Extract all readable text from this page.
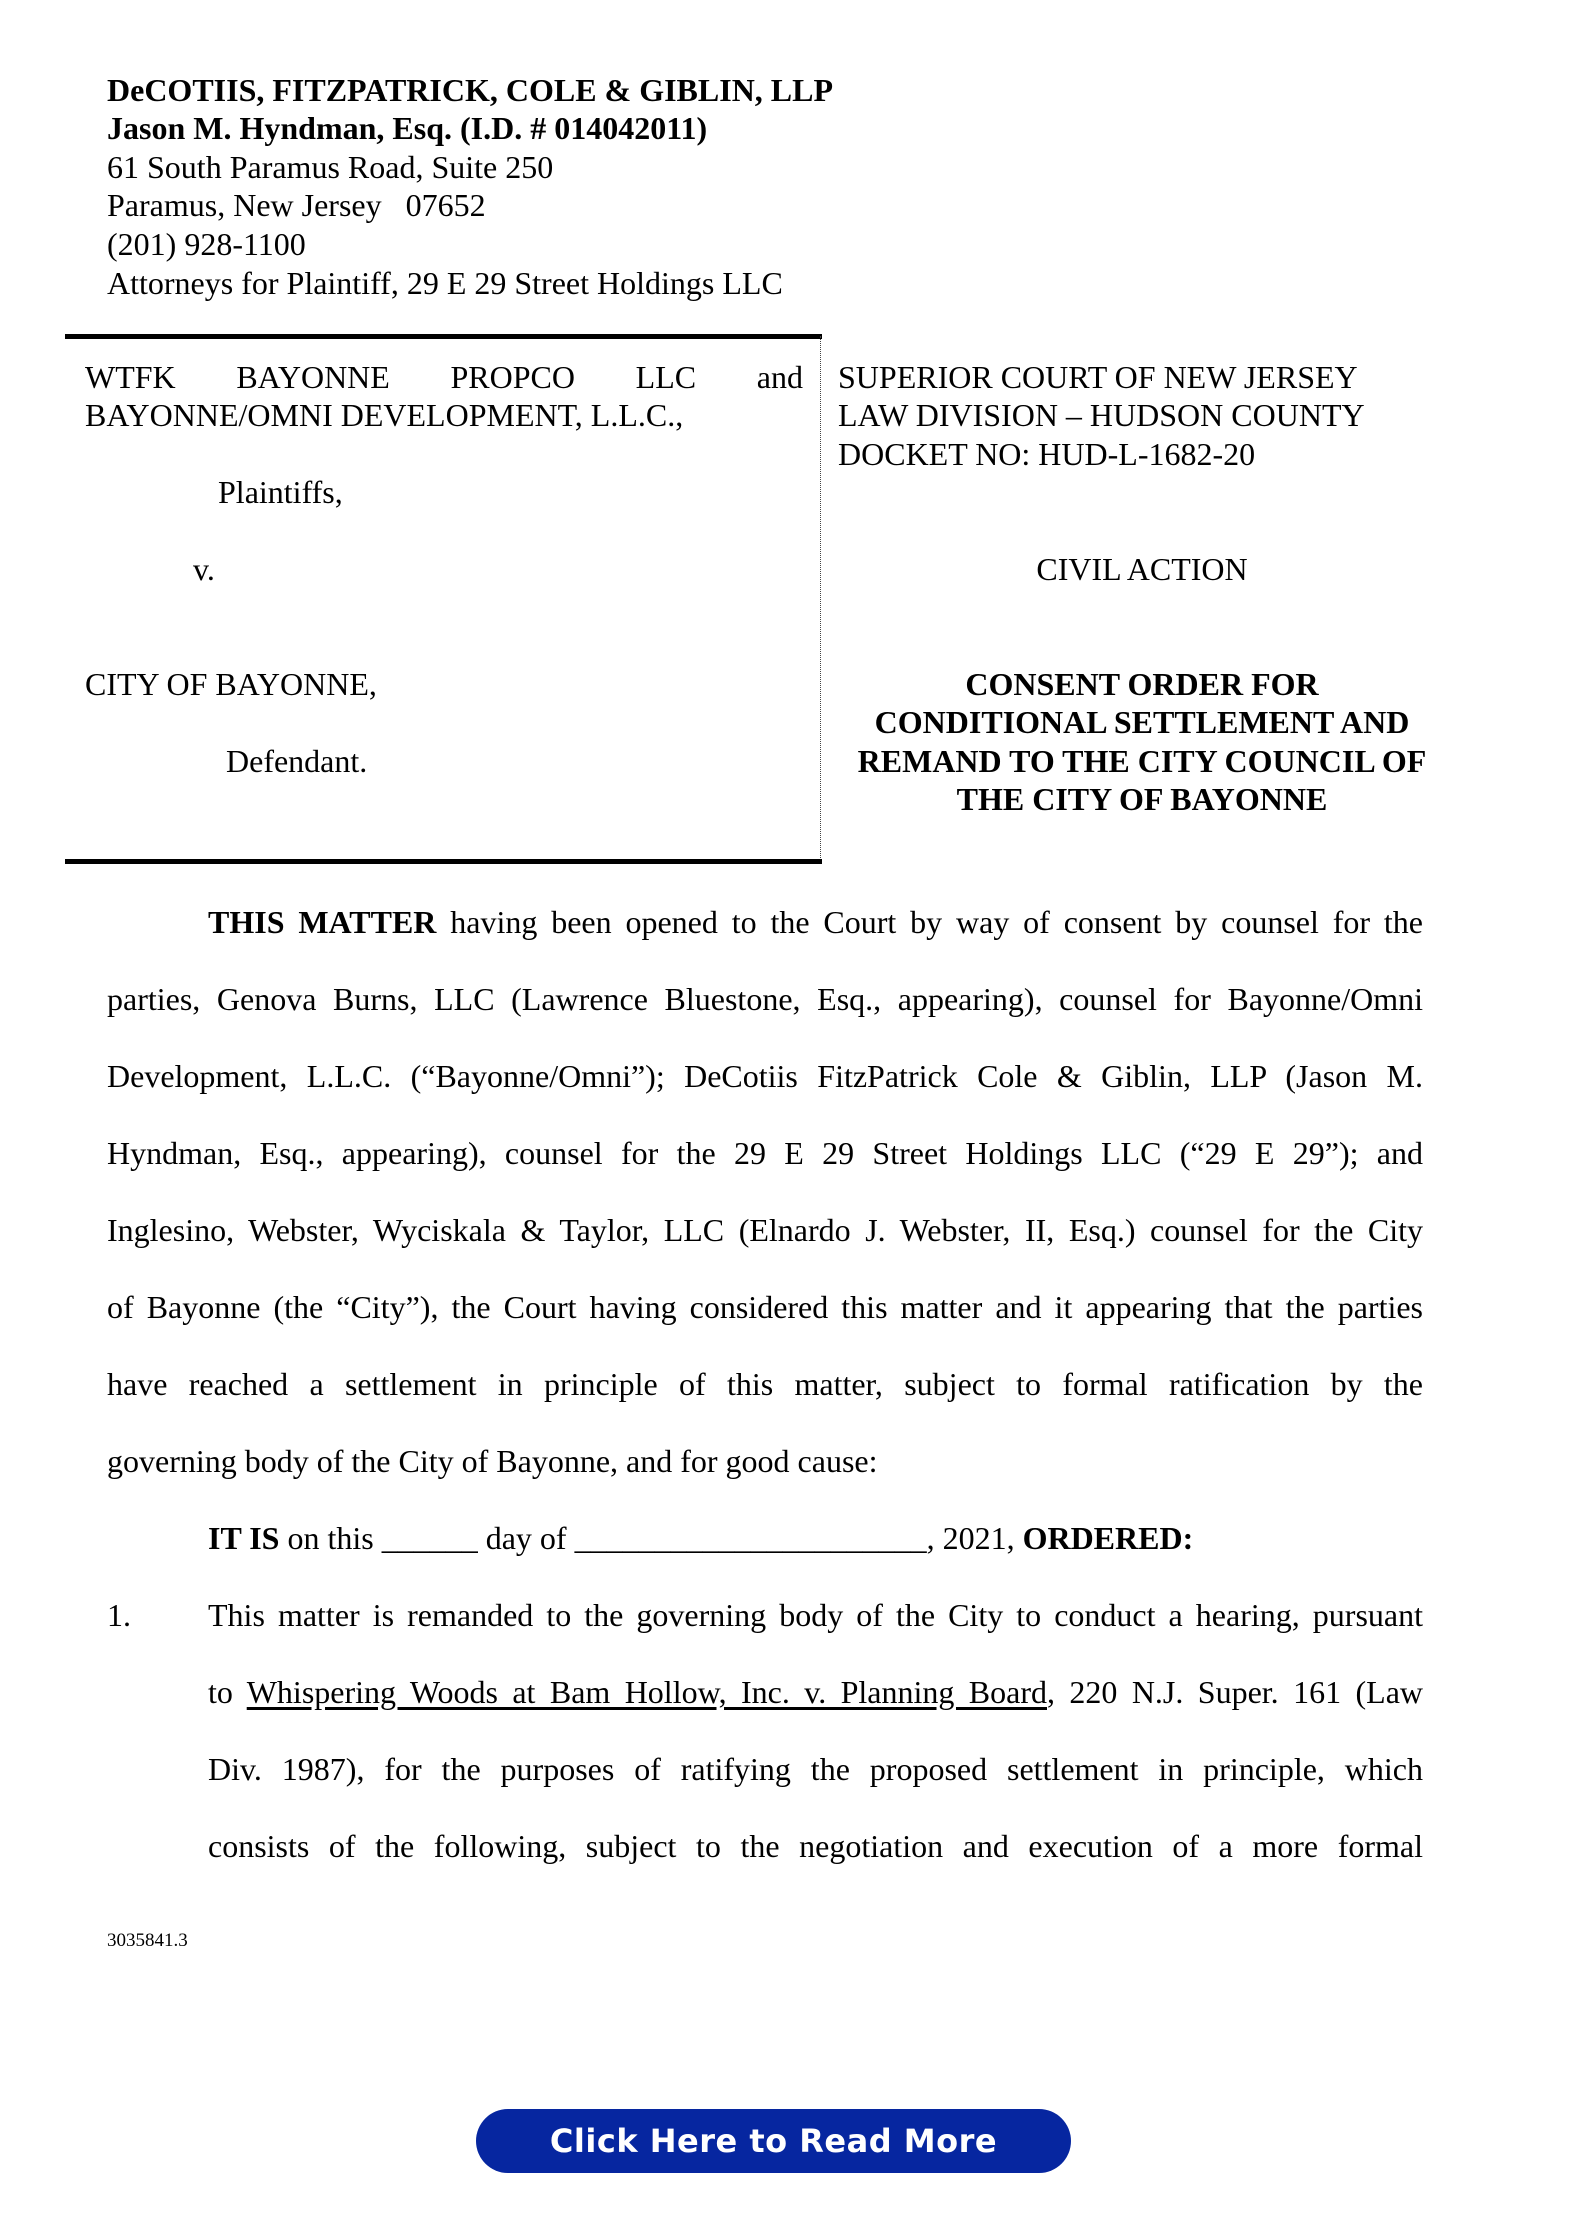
DeCOTIIS, FITZPATRICK, COLE & GIBLIN, LLP
Jason M. Hyndman, Esq. (I.D. # 014042011)
61 South Paramus Road, Suite 250
Paramus, New Jersey   07652
(201) 928-1100
Attorneys for Plaintiff, 29 E 29 Street Holdings LLC
WTFK BAYONNE PROPCO LLC and
BAYONNE/OMNI DEVELOPMENT, L.L.C.,
Plaintiffs,
v.
CITY OF BAYONNE,
Defendant.
SUPERIOR COURT OF NEW JERSEY
LAW DIVISION – HUDSON COUNTY
DOCKET NO: HUD-L-1682-20
CIVIL ACTION
CONSENT ORDER FOR
CONDITIONAL SETTLEMENT AND
REMAND TO THE CITY COUNCIL OF
THE CITY OF BAYONNE
THIS MATTER having been opened to the Court by way of consent by counsel for the
parties, Genova Burns, LLC (Lawrence Bluestone, Esq., appearing), counsel for Bayonne/Omni
Development, L.L.C. (“Bayonne/Omni”); DeCotiis FitzPatrick Cole & Giblin, LLP (Jason M.
Hyndman, Esq., appearing), counsel for the 29 E 29 Street Holdings LLC (“29 E 29”); and
Inglesino, Webster, Wyciskala & Taylor, LLC (Elnardo J. Webster, II, Esq.) counsel for the City
of Bayonne (the “City”), the Court having considered this matter and it appearing that the parties
have reached a settlement in principle of this matter, subject to formal ratification by the
governing body of the City of Bayonne, and for good cause:
IT IS on this ______ day of ______________________, 2021, ORDERED:
1. This matter is remanded to the governing body of the City to conduct a hearing, pursuant
to Whispering Woods at Bam Hollow, Inc. v. Planning Board, 220 N.J. Super. 161 (Law
Div. 1987), for the purposes of ratifying the proposed settlement in principle, which
consists of the following, subject to the negotiation and execution of a more formal
3035841.3
Click Here to Read More
